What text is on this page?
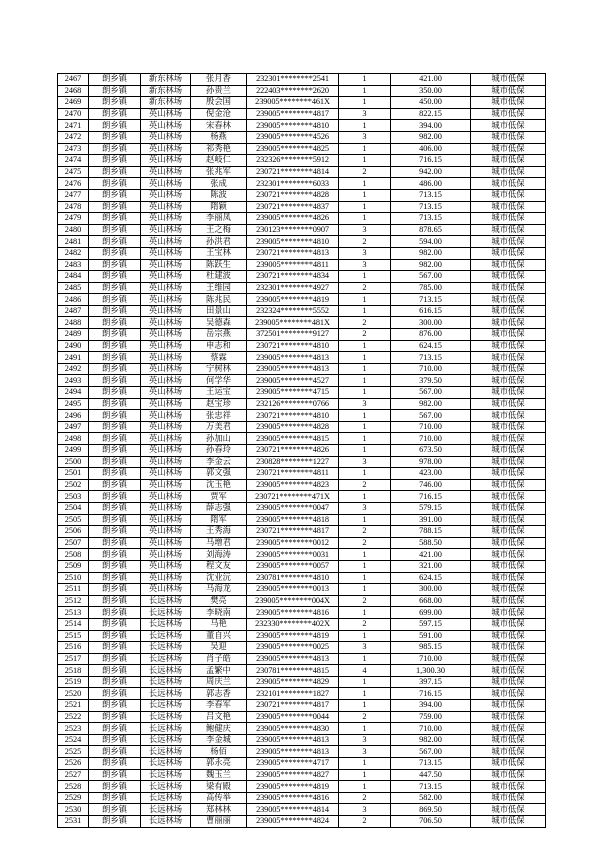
2467	朗乡镇	新东林场	张月香	232301********2541	1	421.00	城市低保
2468	朗乡镇	新东林场	孙贵兰	222403********2620	1	350.00	城市低保
2469	朗乡镇	新东林场	殷会国	239005********461X	1	450.00	城市低保
2470	朗乡镇	英山林场	倪金沧	239005********4817	3	822.15	城市低保
2471	朗乡镇	英山林场	宋春林	239005********4810	1	394.00	城市低保
2472	朗乡镇	英山林场	杨燕	239005********4526	3	982.00	城市低保
2473	朗乡镇	英山林场	祁秀艳	239005********4825	1	406.00	城市低保
2474	朗乡镇	英山林场	赵岐仁	232326********5912	1	716.15	城市低保
2475	朗乡镇	英山林场	张兆军	230721********4814	2	942.00	城市低保
2476	朗乡镇	英山林场	张成	232301********6033	1	486.00	城市低保
2477	朗乡镇	英山林场	陈波	230721********4828	1	713.15	城市低保
2478	朗乡镇	英山林场	隋颖	230721********4837	1	713.15	城市低保
2479	朗乡镇	英山林场	李丽凤	239005********4826	1	713.15	城市低保
2480	朗乡镇	英山林场	王之梅	230123********0907	3	878.65	城市低保
2481	朗乡镇	英山林场	孙洪君	239005********4810	2	594.00	城市低保
2482	朗乡镇	英山林场	王宝林	230721********4813	3	982.00	城市低保
2483	朗乡镇	英山林场	陈跃生	239005********4811	3	982.00	城市低保
2484	朗乡镇	英山林场	杜建波	230721********4834	1	567.00	城市低保
2485	朗乡镇	英山林场	王维园	232301********4927	2	785.00	城市低保
2486	朗乡镇	英山林场	陈兆民	239005********4819	1	713.15	城市低保
2487	朗乡镇	英山林场	田景山	232324********5552	1	616.15	城市低保
2488	朗乡镇	英山林场	吴德森	239005********481X	2	300.00	城市低保
2489	朗乡镇	英山林场	岳宗燕	372501********9127	2	876.00	城市低保
2490	朗乡镇	英山林场	申志和	230721********4810	1	624.15	城市低保
2491	朗乡镇	英山林场	蔡霖	239005********4813	1	713.15	城市低保
2492	朗乡镇	英山林场	宁树林	239005********4813	1	710.00	城市低保
2493	朗乡镇	英山林场	何学华	239005********4527	1	379.50	城市低保
2494	朗乡镇	英山林场	王运宝	239005********4715	1	567.00	城市低保
2495	朗乡镇	英山林场	赵宝珍	232126********0766	3	982.00	城市低保
2496	朗乡镇	英山林场	张忠祥	230721********4810	1	567.00	城市低保
2497	朗乡镇	英山林场	万美君	239005********4828	1	710.00	城市低保
2498	朗乡镇	英山林场	孙加山	239005********4815	1	710.00	城市低保
2499	朗乡镇	英山林场	孙春玲	230721********4826	1	673.50	城市低保
2500	朗乡镇	英山林场	李金云	230828********1227	3	978.00	城市低保
2501	朗乡镇	英山林场	郭文强	230721********4811	1	423.00	城市低保
2502	朗乡镇	英山林场	沈玉艳	239005********4823	2	746.00	城市低保
2503	朗乡镇	英山林场	贾军	230721********471X	1	716.15	城市低保
2504	朗乡镇	英山林场	薛志强	239005********0047	3	579.15	城市低保
2505	朗乡镇	英山林场	隋军	239005********4818	1	391.00	城市低保
2506	朗乡镇	英山林场	王秀海	230721********4817	2	788.15	城市低保
2507	朗乡镇	英山林场	马增君	239005********0012	2	588.50	城市低保
2508	朗乡镇	英山林场	刘海涛	239005********0031	1	421.00	城市低保
2509	朗乡镇	英山林场	程文友	239005********0057	1	321.00	城市低保
2510	朗乡镇	英山林场	沈业沅	230781********4810	1	624.15	城市低保
2511	朗乡镇	英山林场	马海龙	239005********0013	1	300.00	城市低保
2512	朗乡镇	长远林场	樊亮	239005********004X	2	668.00	城市低保
2513	朗乡镇	长远林场	李晓南	239005********4816	1	699.00	城市低保
2514	朗乡镇	长远林场	马艳	232330********402X	2	597.15	城市低保
2515	朗乡镇	长远林场	董自兴	239005********4819	1	591.00	城市低保
2516	朗乡镇	长远林场	吴迎	239005********0025	3	985.15	城市低保
2517	朗乡镇	长远林场	肖子皓	239005********4813	1	710.00	城市低保
2518	朗乡镇	长远林场	孟繁中	230781********4815	4	1,300.30	城市低保
2519	朗乡镇	长远林场	周庆兰	239005********4829	1	397.15	城市低保
2520	朗乡镇	长远林场	郭志香	232101********1827	1	716.15	城市低保
2521	朗乡镇	长远林场	李春军	230721********4817	1	394.00	城市低保
2522	朗乡镇	长远林场	吕文艳	239005********0044	2	759.00	城市低保
2523	朗乡镇	长远林场	鲍健庆	239005********4830	1	710.00	城市低保
2524	朗乡镇	长远林场	李金城	239005********4813	3	982.00	城市低保
2525	朗乡镇	长远林场	杨佰	239005********4813	3	567.00	城市低保
2526	朗乡镇	长远林场	郭永亮	239005********4717	1	713.15	城市低保
2527	朗乡镇	长远林场	魏玉兰	239005********4827	1	447.50	城市低保
2528	朗乡镇	长远林场	梁有殿	239005********4819	1	713.15	城市低保
2529	朗乡镇	长远林场	高传举	239005********4816	2	582.00	城市低保
2530	朗乡镇	长远林场	郑林林	239005********4814	3	869.50	城市低保
2531	朗乡镇	长远林场	曹丽丽	239005********4824	2	706.50	城市低保
